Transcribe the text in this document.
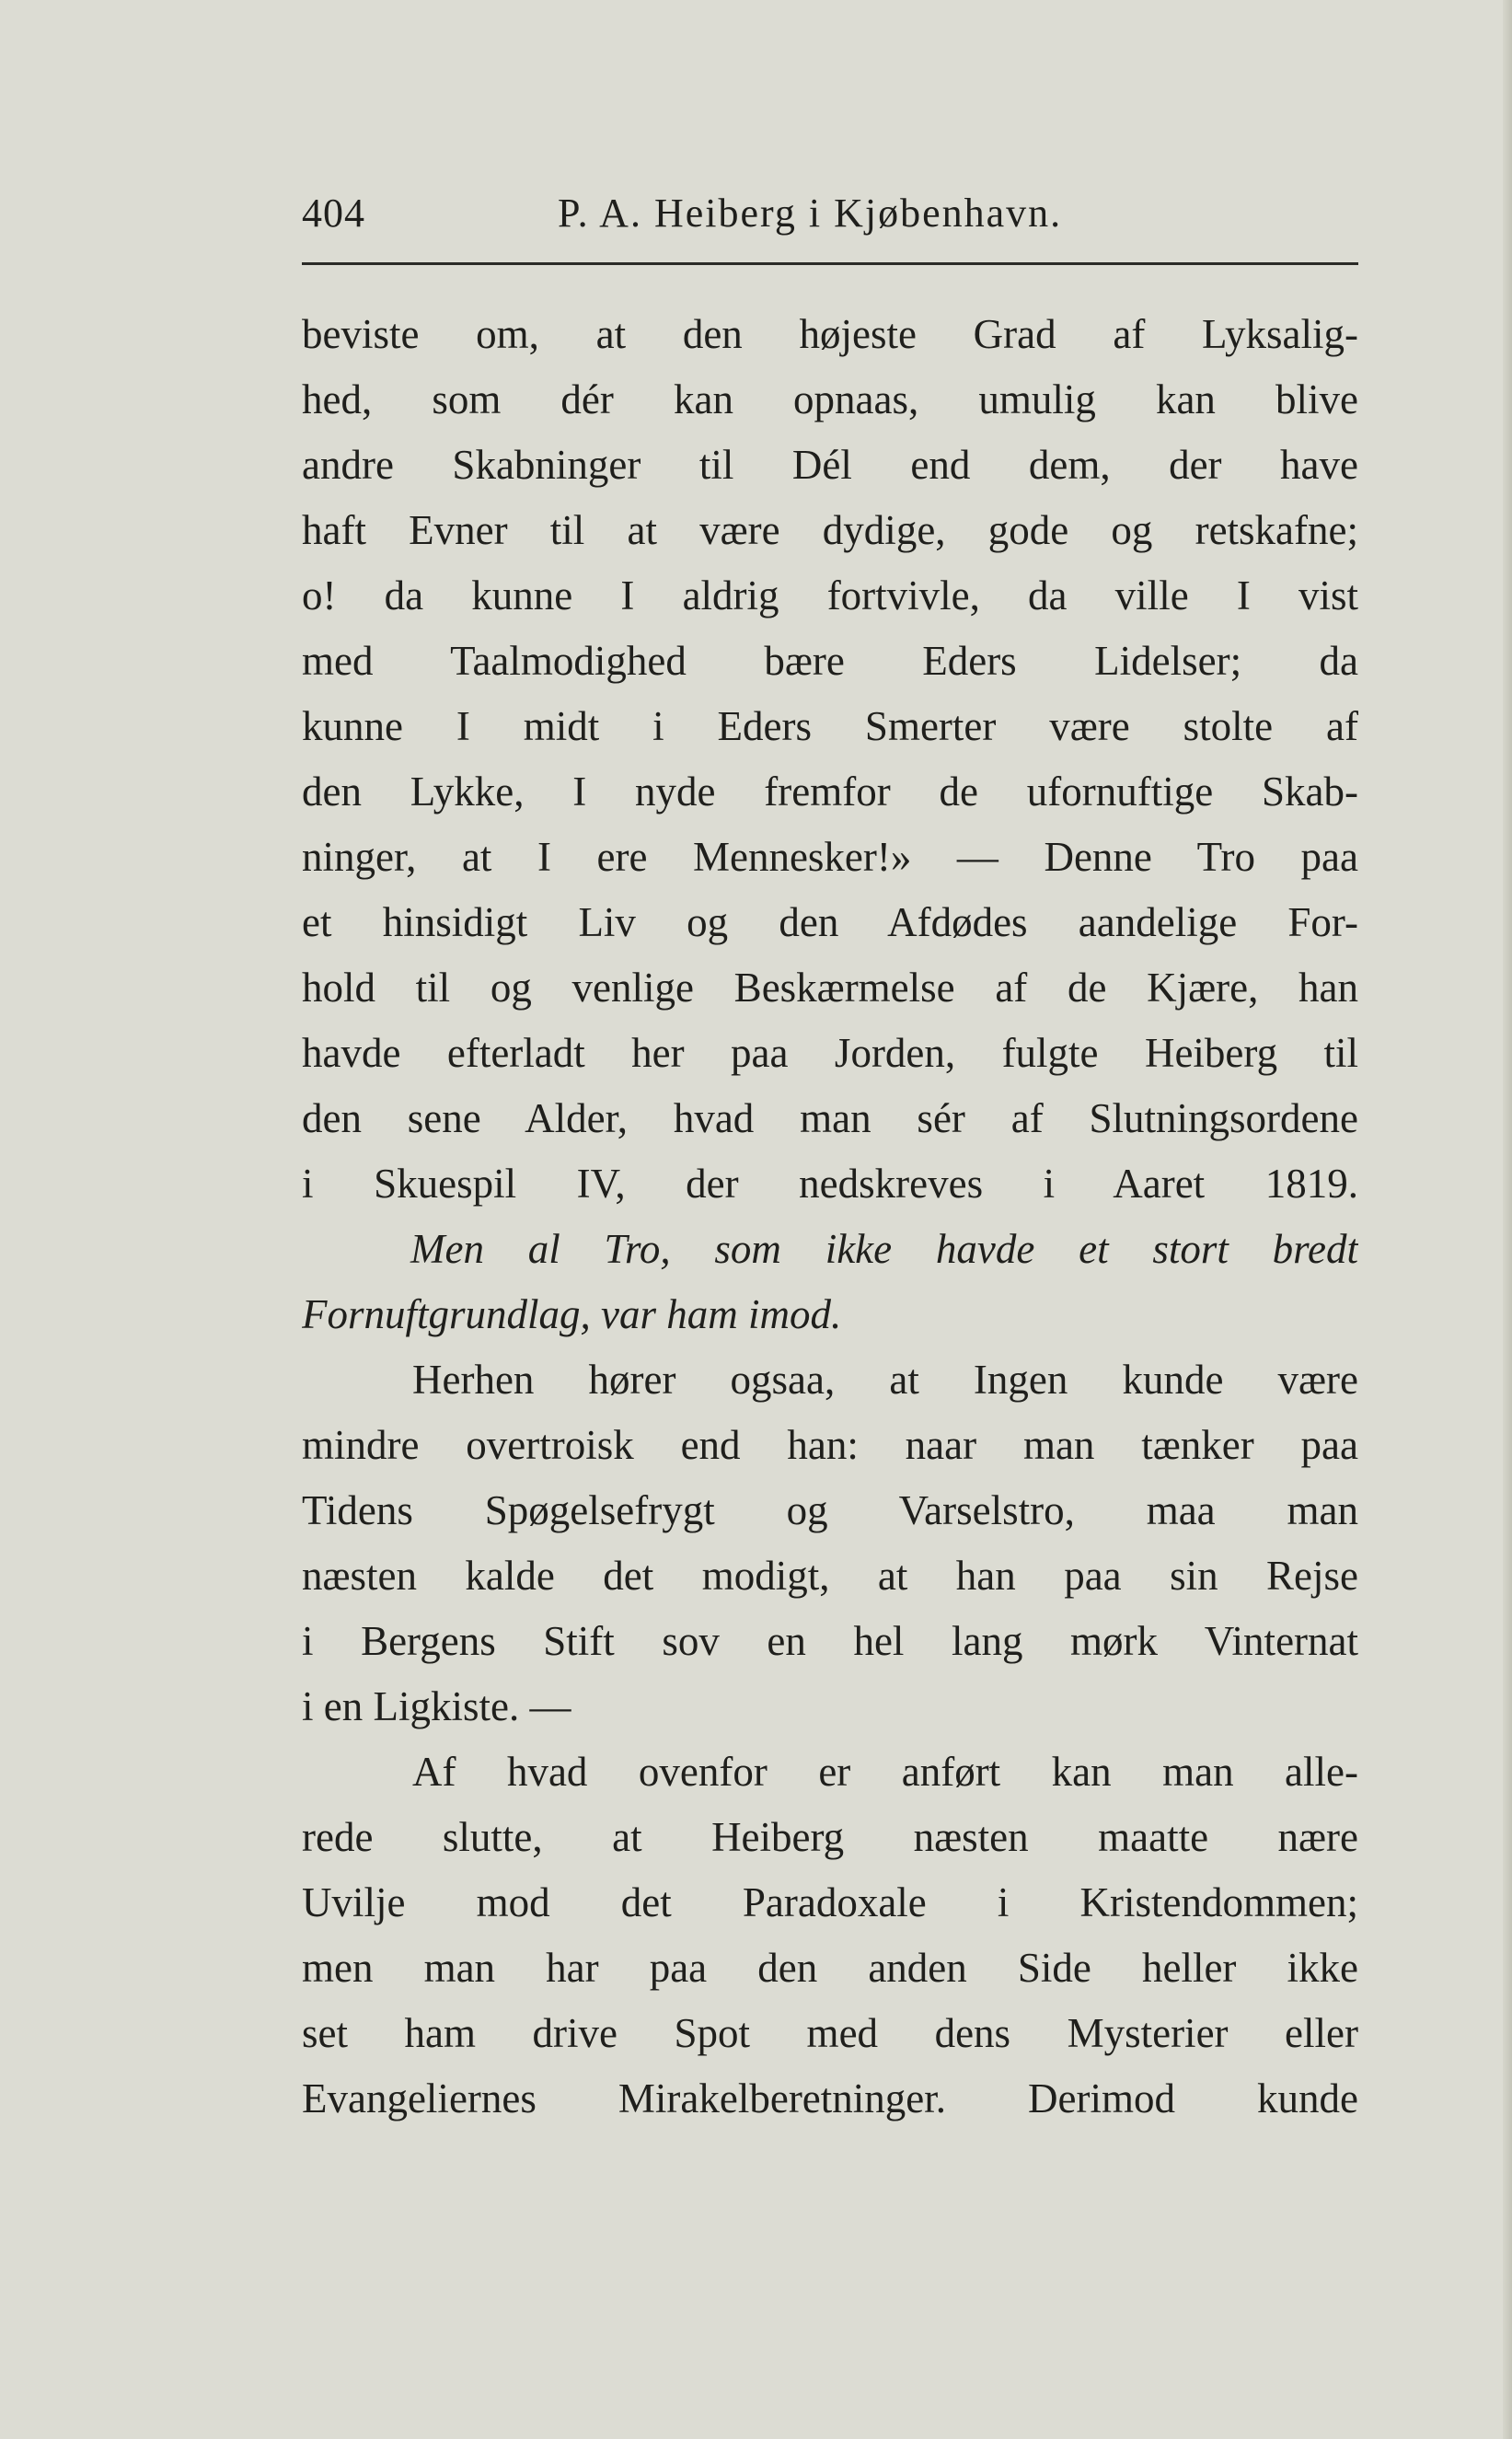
404	P. A. Heiberg i Kjøbenhavn.
beviste om, at den højeste Grad af Lyksalig-
hed, som dér kan opnaas, umulig kan blive
andre Skabninger til Dél end dem, der have
haft Evner til at være dydige, gode og retskafne;
o! da kunne I aldrig fortvivle, da ville I vist
med Taalmodighed bære Eders Lidelser; da
kunne I midt i Eders Smerter være stolte af
den Lykke, I nyde fremfor de ufornuftige Skab-
ninger, at I ere Mennesker!» — Denne Tro paa
et hinsidigt Liv og den Afdødes aandelige For-
hold til og venlige Beskærmelse af de Kjære, han
havde efterladt her paa Jorden, fulgte Heiberg til
den sene Alder, hvad man sér af Slutningsordene
i Skuespil IV, der nedskreves i Aaret 1819.
Men al Tro, som ikke havde et stort bredt
Fornuftgrundlag, var ham imod.
Herhen hører ogsaa, at Ingen kunde være
mindre overtroisk end han: naar man tænker paa
Tidens Spøgelsefrygt og Varselstro, maa man
næsten kalde det modigt, at han paa sin Rejse
i Bergens Stift sov en hel lang mørk Vinternat
i en Ligkiste. —
Af hvad ovenfor er anført kan man alle-
rede slutte, at Heiberg næsten maatte nære
Uvilje mod det Paradoxale i Kristendommen;
men man har paa den anden Side heller ikke
set ham drive Spot med dens Mysterier eller
Evangeliernes Mirakelberetninger. Derimod kunde
